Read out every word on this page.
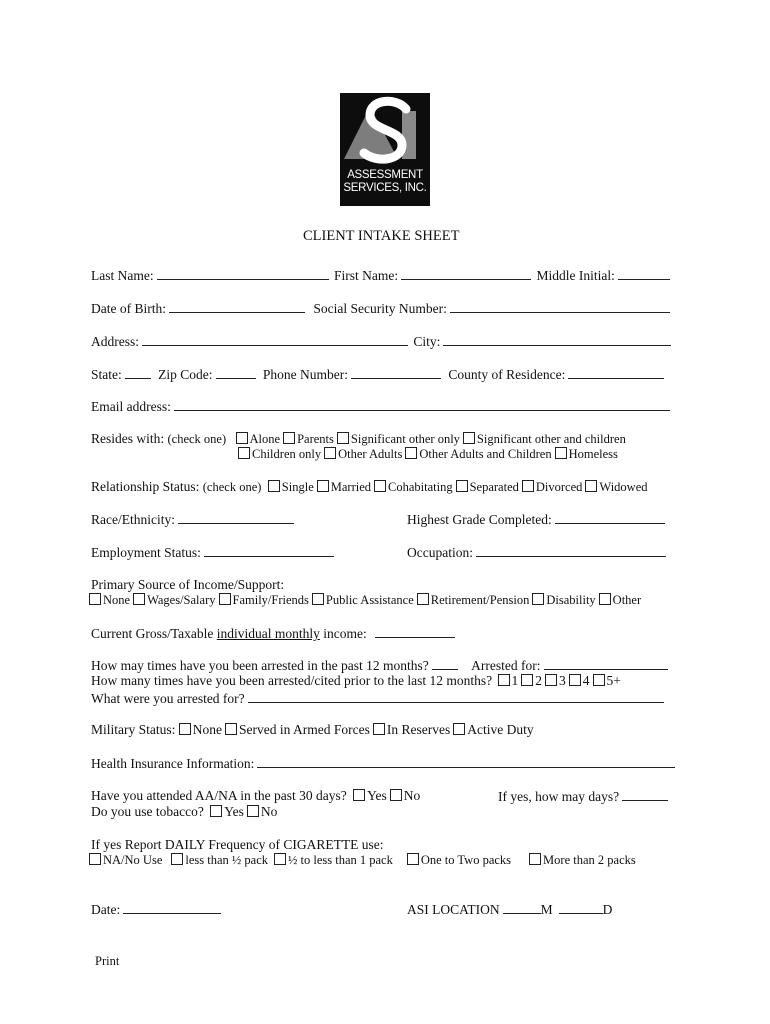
ASSESSMENT
SERVICES, INC.
CLIENT INTAKE SHEET
Last Name:	First Name:	Middle Initial:
Date of Birth:	Social Security Number:
Address:	City:
State:	Zip Code:	Phone Number:	County of Residence:
Email address:
Resides with: (check one) Alone Parents Significant other only Significant other and children
Children only Other Adults Other Adults and Children Homeless
Relationship Status: (check one) Single Married Cohabitating Separated Divorced Widowed
Race/Ethnicity:	Highest Grade Completed:
Employment Status:	Occupation:
Primary Source of Income/Support:
None Wages/Salary Family/Friends Public Assistance Retirement/Pension Disability Other
Current Gross/Taxable individual monthly income:
How may times have you been arrested in the past 12 months?	Arrested for:
How many times have you been arrested/cited prior to the last 12 months? 1 2 3 4 5+
What were you arrested for?
Military Status: None Served in Armed Forces In Reserves Active Duty
Health Insurance Information:
Have you attended AA/NA in the past 30 days? Yes No	If yes, how may days?
Do you use tobacco? Yes No
If yes Report DAILY Frequency of CIGARETTE use:
NA/No Use less than ½ pack ½ to less than 1 pack One to Two packs	More than 2 packs
Date:	ASI LOCATION	M	D
Print
